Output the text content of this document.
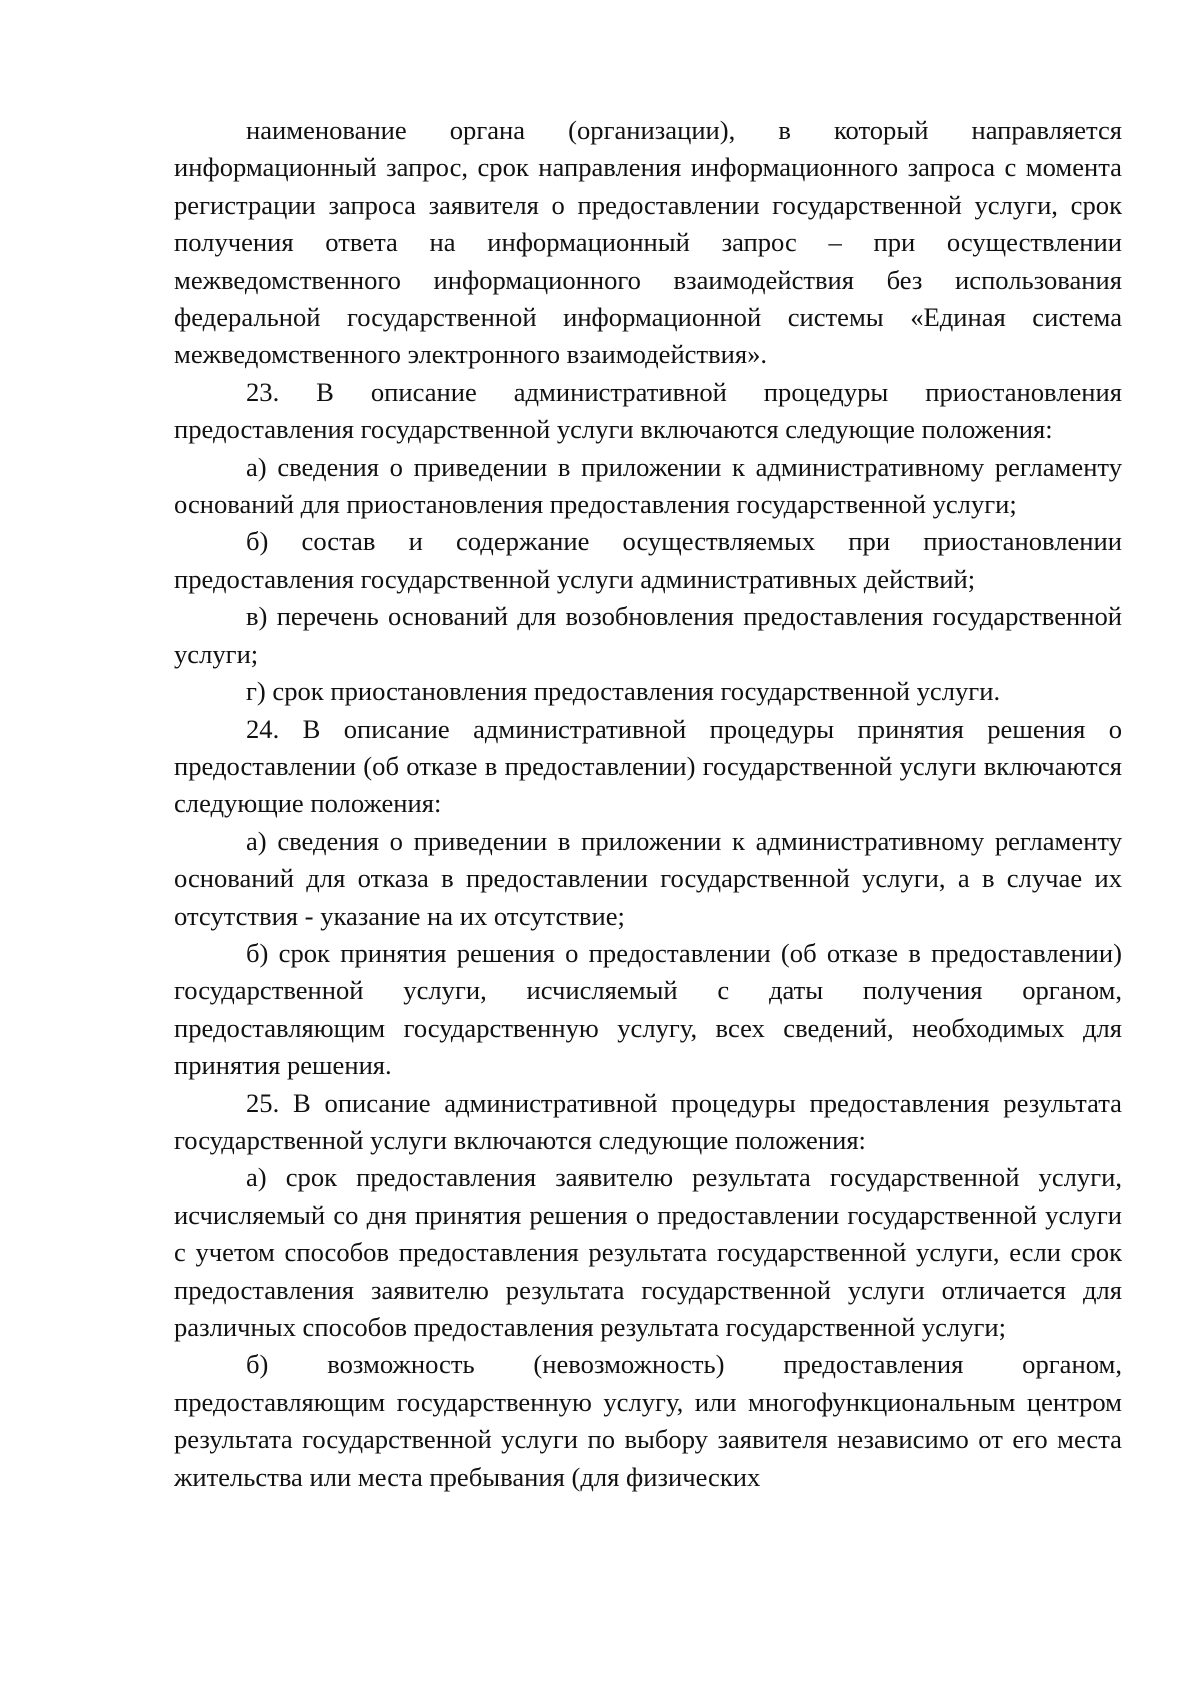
наименование органа (организации), в который направляется информационный запрос, срок направления информационного запроса с момента регистрации запроса заявителя о предоставлении государственной услуги, срок получения ответа на информационный запрос – при осуществлении межведомственного информационного взаимодействия без использования федеральной государственной информационной системы «Единая система межведомственного электронного взаимодействия».

23. В описание административной процедуры приостановления предоставления государственной услуги включаются следующие положения:

а) сведения о приведении в приложении к административному регламенту оснований для приостановления предоставления государственной услуги;

б) состав и содержание осуществляемых при приостановлении предоставления государственной услуги административных действий;

в) перечень оснований для возобновления предоставления государственной услуги;

г) срок приостановления предоставления государственной услуги.

24. В описание административной процедуры принятия решения о предоставлении (об отказе в предоставлении) государственной услуги включаются следующие положения:

а) сведения о приведении в приложении к административному регламенту оснований для отказа в предоставлении государственной услуги, а в случае их отсутствия - указание на их отсутствие;

б) срок принятия решения о предоставлении (об отказе в предоставлении) государственной услуги, исчисляемый с даты получения органом, предоставляющим государственную услугу, всех сведений, необходимых для принятия решения.

25. В описание административной процедуры предоставления результата государственной услуги включаются следующие положения:

а) срок предоставления заявителю результата государственной услуги, исчисляемый со дня принятия решения о предоставлении государственной услуги с учетом способов предоставления результата государственной услуги, если срок предоставления заявителю результата государственной услуги отличается для различных способов предоставления результата государственной услуги;

б) возможность (невозможность) предоставления органом, предоставляющим государственную услугу, или многофункциональным центром результата государственной услуги по выбору заявителя независимо от его места жительства или места пребывания (для физических
